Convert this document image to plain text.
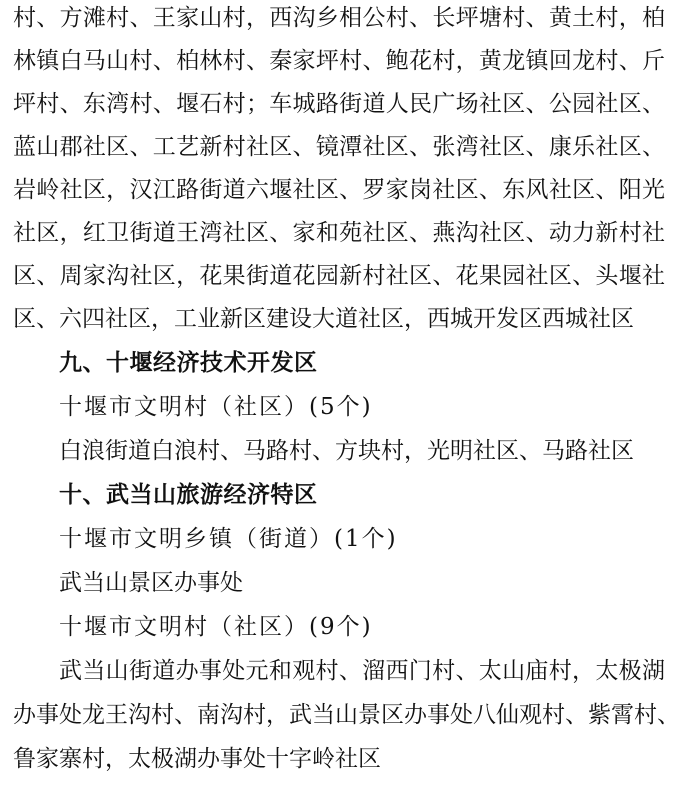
村、方滩村、王家山村，西沟乡相公村、长坪塘村、黄土村，柏
林镇白马山村、柏林村、秦家坪村、鲍花村，黄龙镇回龙村、斤
坪村、东湾村、堰石村；车城路街道人民广场社区、公园社区、
蓝山郡社区、工艺新村社区、镜潭社区、张湾社区、康乐社区、
岩岭社区，汉江路街道六堰社区、罗家岗社区、东风社区、阳光
社区，红卫街道王湾社区、家和苑社区、燕沟社区、动力新村社
区、周家沟社区，花果街道花园新村社区、花果园社区、头堰社
区、六四社区，工业新区建设大道社区，西城开发区西城社区
九、十堰经济技术开发区
十堰市文明村（社区）(5个)
白浪街道白浪村、马路村、方块村，光明社区、马路社区
十、武当山旅游经济特区
十堰市文明乡镇（街道）(1个)
武当山景区办事处
十堰市文明村（社区）(9个)
武当山街道办事处元和观村、溜西门村、太山庙村，太极湖
办事处龙王沟村、南沟村，武当山景区办事处八仙观村、紫霄村、
鲁家寨村，太极湖办事处十字岭社区
